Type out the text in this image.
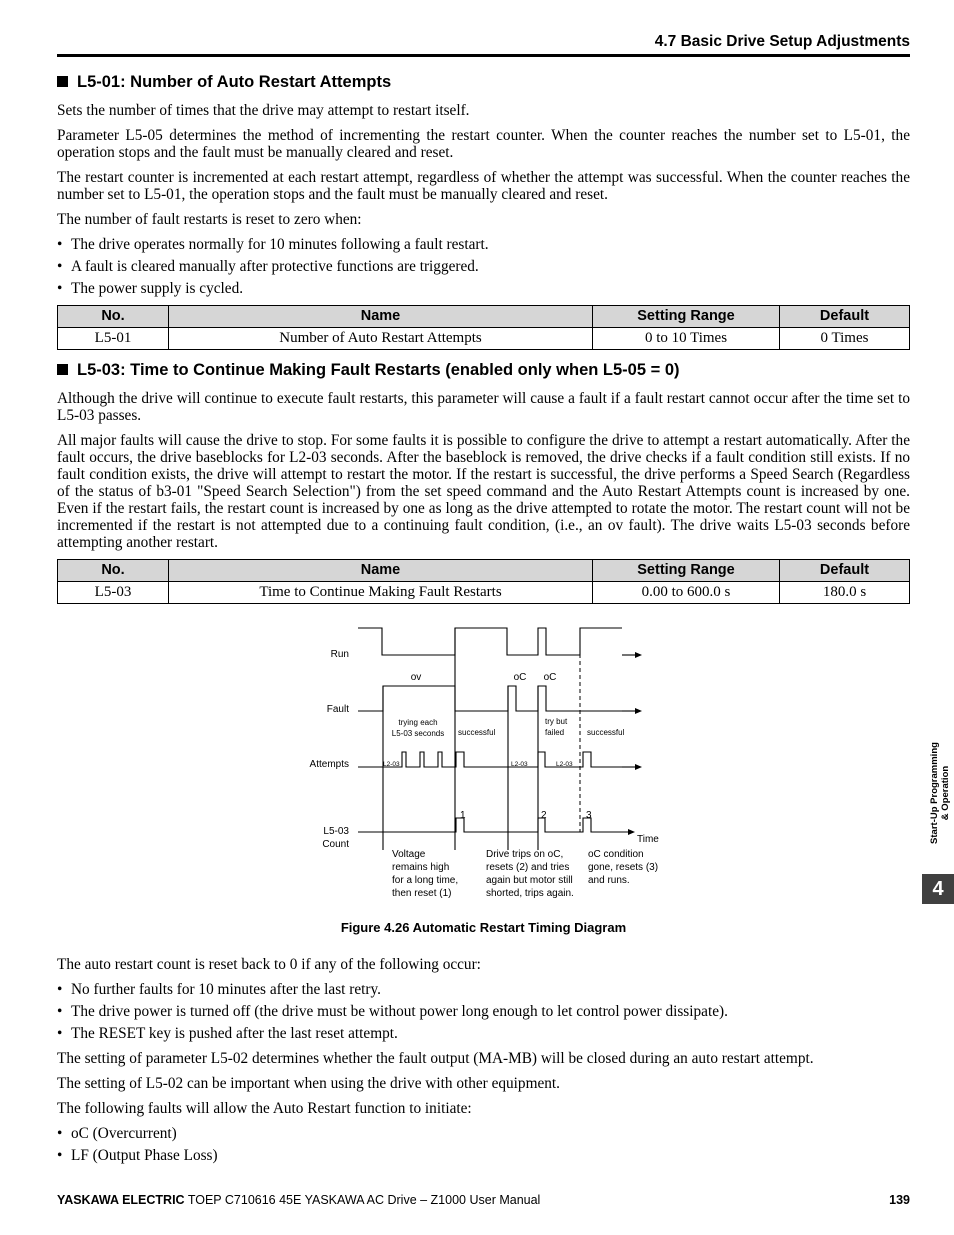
4.7 Basic Drive Setup Adjustments
L5-01: Number of Auto Restart Attempts

Sets the number of times that the drive may attempt to restart itself.

Parameter L5-05 determines the method of incrementing the restart counter. When the counter reaches the number set to L5-01, the operation stops and the fault must be manually cleared and reset.

The restart counter is incremented at each restart attempt, regardless of whether the attempt was successful. When the counter reaches the number set to L5-01, the operation stops and the fault must be manually cleared and reset.

The number of fault restarts is reset to zero when:

• The drive operates normally for 10 minutes following a fault restart.
• A fault is cleared manually after protective functions are triggered.
• The power supply is cycled.
No.	Name	Setting Range	Default
L5-01	Number of Auto Restart Attempts	0 to 10 Times	0 Times
L5-03: Time to Continue Making Fault Restarts (enabled only when L5-05 = 0)

Although the drive will continue to execute fault restarts, this parameter will cause a fault if a fault restart cannot occur after the time set to L5-03 passes.

All major faults will cause the drive to stop. For some faults it is possible to configure the drive to attempt a restart automatically. After the fault occurs, the drive baseblocks for L2-03 seconds. After the baseblock is removed, the drive checks if a fault condition still exists. If no fault condition exists, the drive will attempt to restart the motor. If the restart is successful, the drive performs a Speed Search (Regardless of the status of b3-01 "Speed Search Selection") from the set speed command and the Auto Restart Attempts count is increased by one. Even if the restart fails, the restart count is increased by one as long as the drive attempted to rotate the motor. The restart count will not be incremented if the restart is not attempted due to a continuing fault condition, (i.e., an ov fault). The drive waits L5-03 seconds before attempting another restart.

No.	Name	Setting Range	Default
L5-03	Time to Continue Making Fault Restarts	0.00 to 600.0 s	180.0 s
Run
Fault
Attempts
L5-03
Count	Time
ov	oC oC
trying each
L5-03 seconds successful
try but
failed	successful
L2-03	L2-03	L2-03
1	2	3
Voltage
remains high
for a long time,
then reset (1)
Drive trips on oC,
resets (2) and tries
again but motor still
shorted, trips again.
oC condition
gone, resets (3)
and runs.
Figure 4.26 Automatic Restart Timing Diagram

The auto restart count is reset back to 0 if any of the following occur:

• No further faults for 10 minutes after the last retry.
• The drive power is turned off (the drive must be without power long enough to let control power dissipate).
• The RESET key is pushed after the last reset attempt.

The setting of parameter L5-02 determines whether the fault output (MA-MB) will be closed during an auto restart attempt.

The setting of L5-02 can be important when using the drive with other equipment.

The following faults will allow the Auto Restart function to initiate:

• oC (Overcurrent)
• LF (Output Phase Loss)
YASKAWA ELECTRIC TOEP C710616 45E YASKAWA AC Drive – Z1000 User Manual	139
Start-Up Programming & Operation
4
